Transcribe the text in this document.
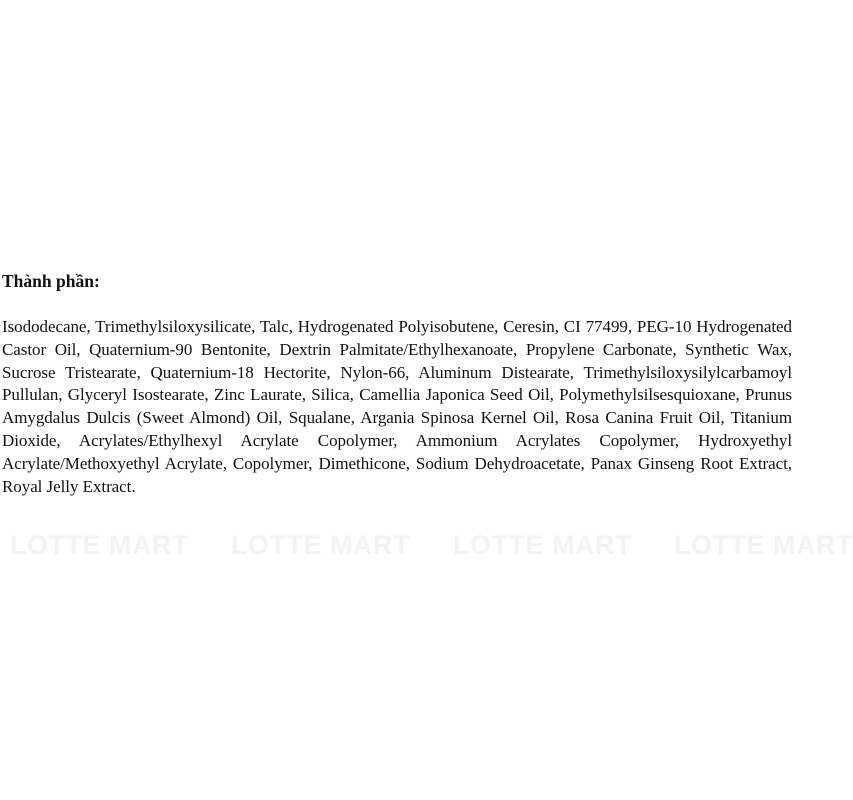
Thành phần:

Isododecane, Trimethylsiloxysilicate, Talc, Hydrogenated Polyisobutene, Ceresin, CI 77499, PEG-10 Hydrogenated Castor Oil, Quaternium-90 Bentonite, Dextrin Palmitate/Ethylhexanoate, Propylene Carbonate, Synthetic Wax, Sucrose Tristearate, Quaternium-18 Hectorite, Nylon-66, Aluminum Distearate, Trimethylsiloxysilylcarbamoyl Pullulan, Glyceryl Isostearate, Zinc Laurate, Silica, Camellia Japonica Seed Oil, Polymethylsilsesquioxane, Prunus Amygdalus Dulcis (Sweet Almond) Oil, Squalane, Argania Spinosa Kernel Oil, Rosa Canina Fruit Oil, Titanium Dioxide, Acrylates/Ethylhexyl Acrylate Copolymer, Ammonium Acrylates Copolymer, Hydroxyethyl Acrylate/Methoxyethyl Acrylate, Copolymer, Dimethicone, Sodium Dehydroacetate, Panax Ginseng Root Extract, Royal Jelly Extract.

LOTTE MART LOTTE MART LOTTE MART LOTTE MART
